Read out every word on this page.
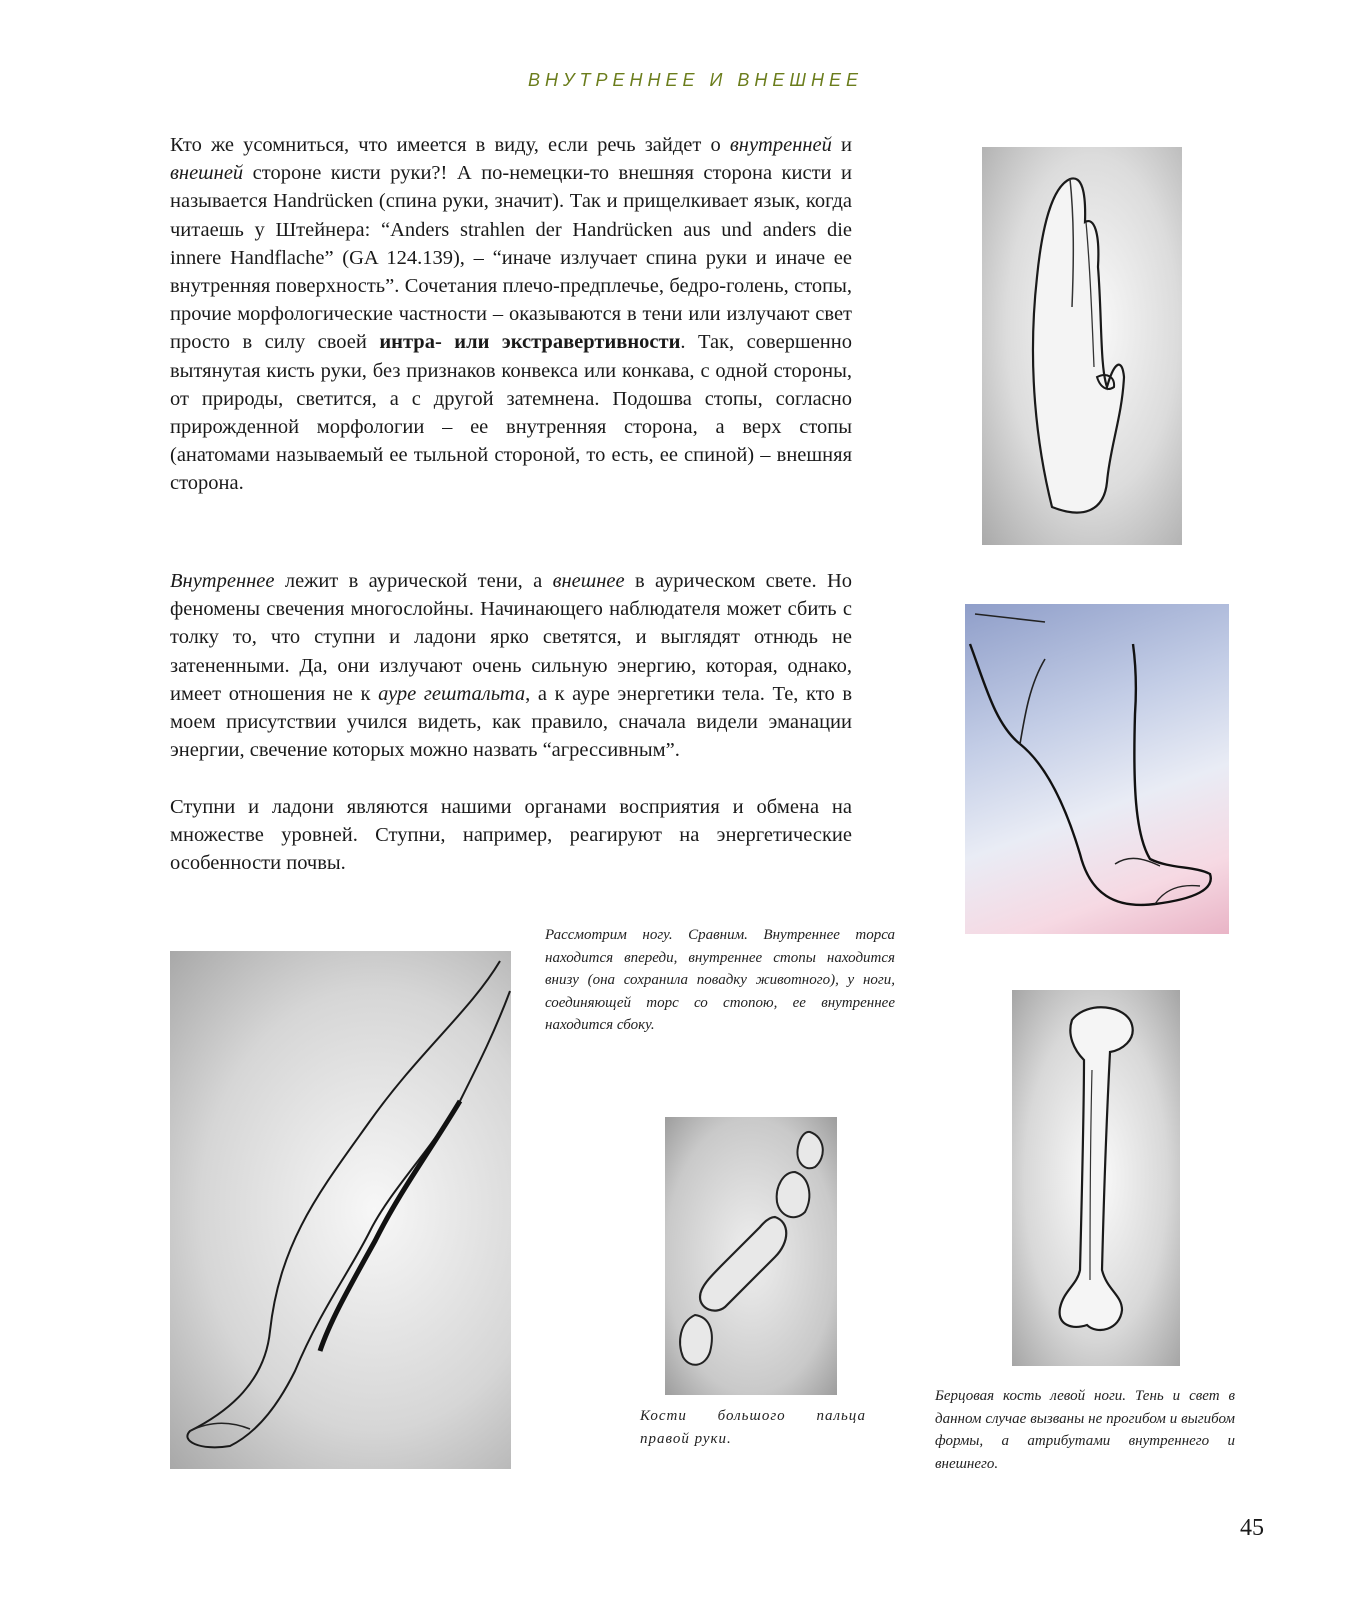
ВНУТРЕННЕЕ И ВНЕШНЕЕ

Кто же усомниться, что имеется в виду, если речь зайдет о внутренней и внешней стороне кисти руки?! А по-немецки-то внешняя сторона кисти и называется Handrücken (спина руки, значит). Так и прищелкивает язык, когда читаешь у Штейнера: “Anders strahlen der Handrücken aus und anders die innere Handflache” (GA 124.139), – “иначе излучает спина руки и иначе ее внутренняя поверхность”. Сочетания плечо-предплечье, бедро-голень, стопы, прочие морфологические частности – оказываются в тени или излучают свет просто в силу своей интра- или экстравертивности. Так, совершенно вытянутая кисть руки, без признаков конвекса или конкава, с одной стороны, от природы, светится, а с другой затемнена. Подошва стопы, согласно прирожденной морфологии – ее внутренняя сторона, а верх стопы (анатомами называемый ее тыльной стороной, то есть, ее спиной) – внешняя сторона.

Внутреннее лежит в аурической тени, а внешнее в аурическом свете. Но феномены свечения многослойны. Начинающего наблюдателя может сбить с толку то, что ступни и ладони ярко светятся, и выглядят отнюдь не затененными. Да, они излучают очень сильную энергию, которая, однако, имеет отношения не к ауре гештальта, а к ауре энергетики тела. Те, кто в моем присутствии учился видеть, как правило, сначала видели эманации энергии, свечение которых можно назвать “агрессивным”.

Ступни и ладони являются нашими органами восприятия и обмена на множестве уровней. Ступни, например, реагируют на энергетические особенности почвы.

Рассмотрим ногу. Сравним. Внутреннее торса находится впереди, внутреннее стопы находится внизу (она сохранила повадку животного), у ноги, соединяющей торс со стопою, ее внутреннее находится сбоку.
Кости большого пальца правой руки.
Берцовая кость левой ноги. Тень и свет в данном случае вызваны не прогибом и выгибом формы, а атрибутами внутреннего и внешнего.
45
